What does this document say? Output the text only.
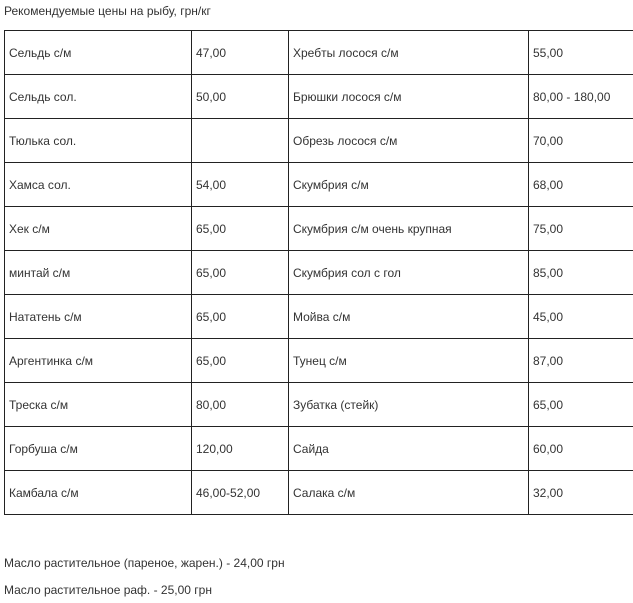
Рекомендуемые цены на рыбу, грн/кг
Сельдь с/м	47,00	Хребты лосося с/м	55,00
Сельдь сол.	50,00	Брюшки лосося с/м	80,00 - 180,00
Тюлька сол.		Обрезь лосося с/м	70,00
Хамса сол.	54,00	Скумбрия с/м	68,00
Хек с/м	65,00	Скумбрия с/м очень крупная	75,00
минтай с/м	65,00	Скумбрия сол с гол	85,00
Нататень с/м	65,00	Мойва с/м	45,00
Аргентинка с/м	65,00	Тунец с/м	87,00
Треска с/м	80,00	Зубатка (стейк)	65,00
Горбуша с/м	120,00	Сайда	60,00
Камбала с/м	46,00-52,00	Салака с/м	32,00
Масло растительное (пареное, жарен.) - 24,00 грн
Масло растительное раф. - 25,00 грн
